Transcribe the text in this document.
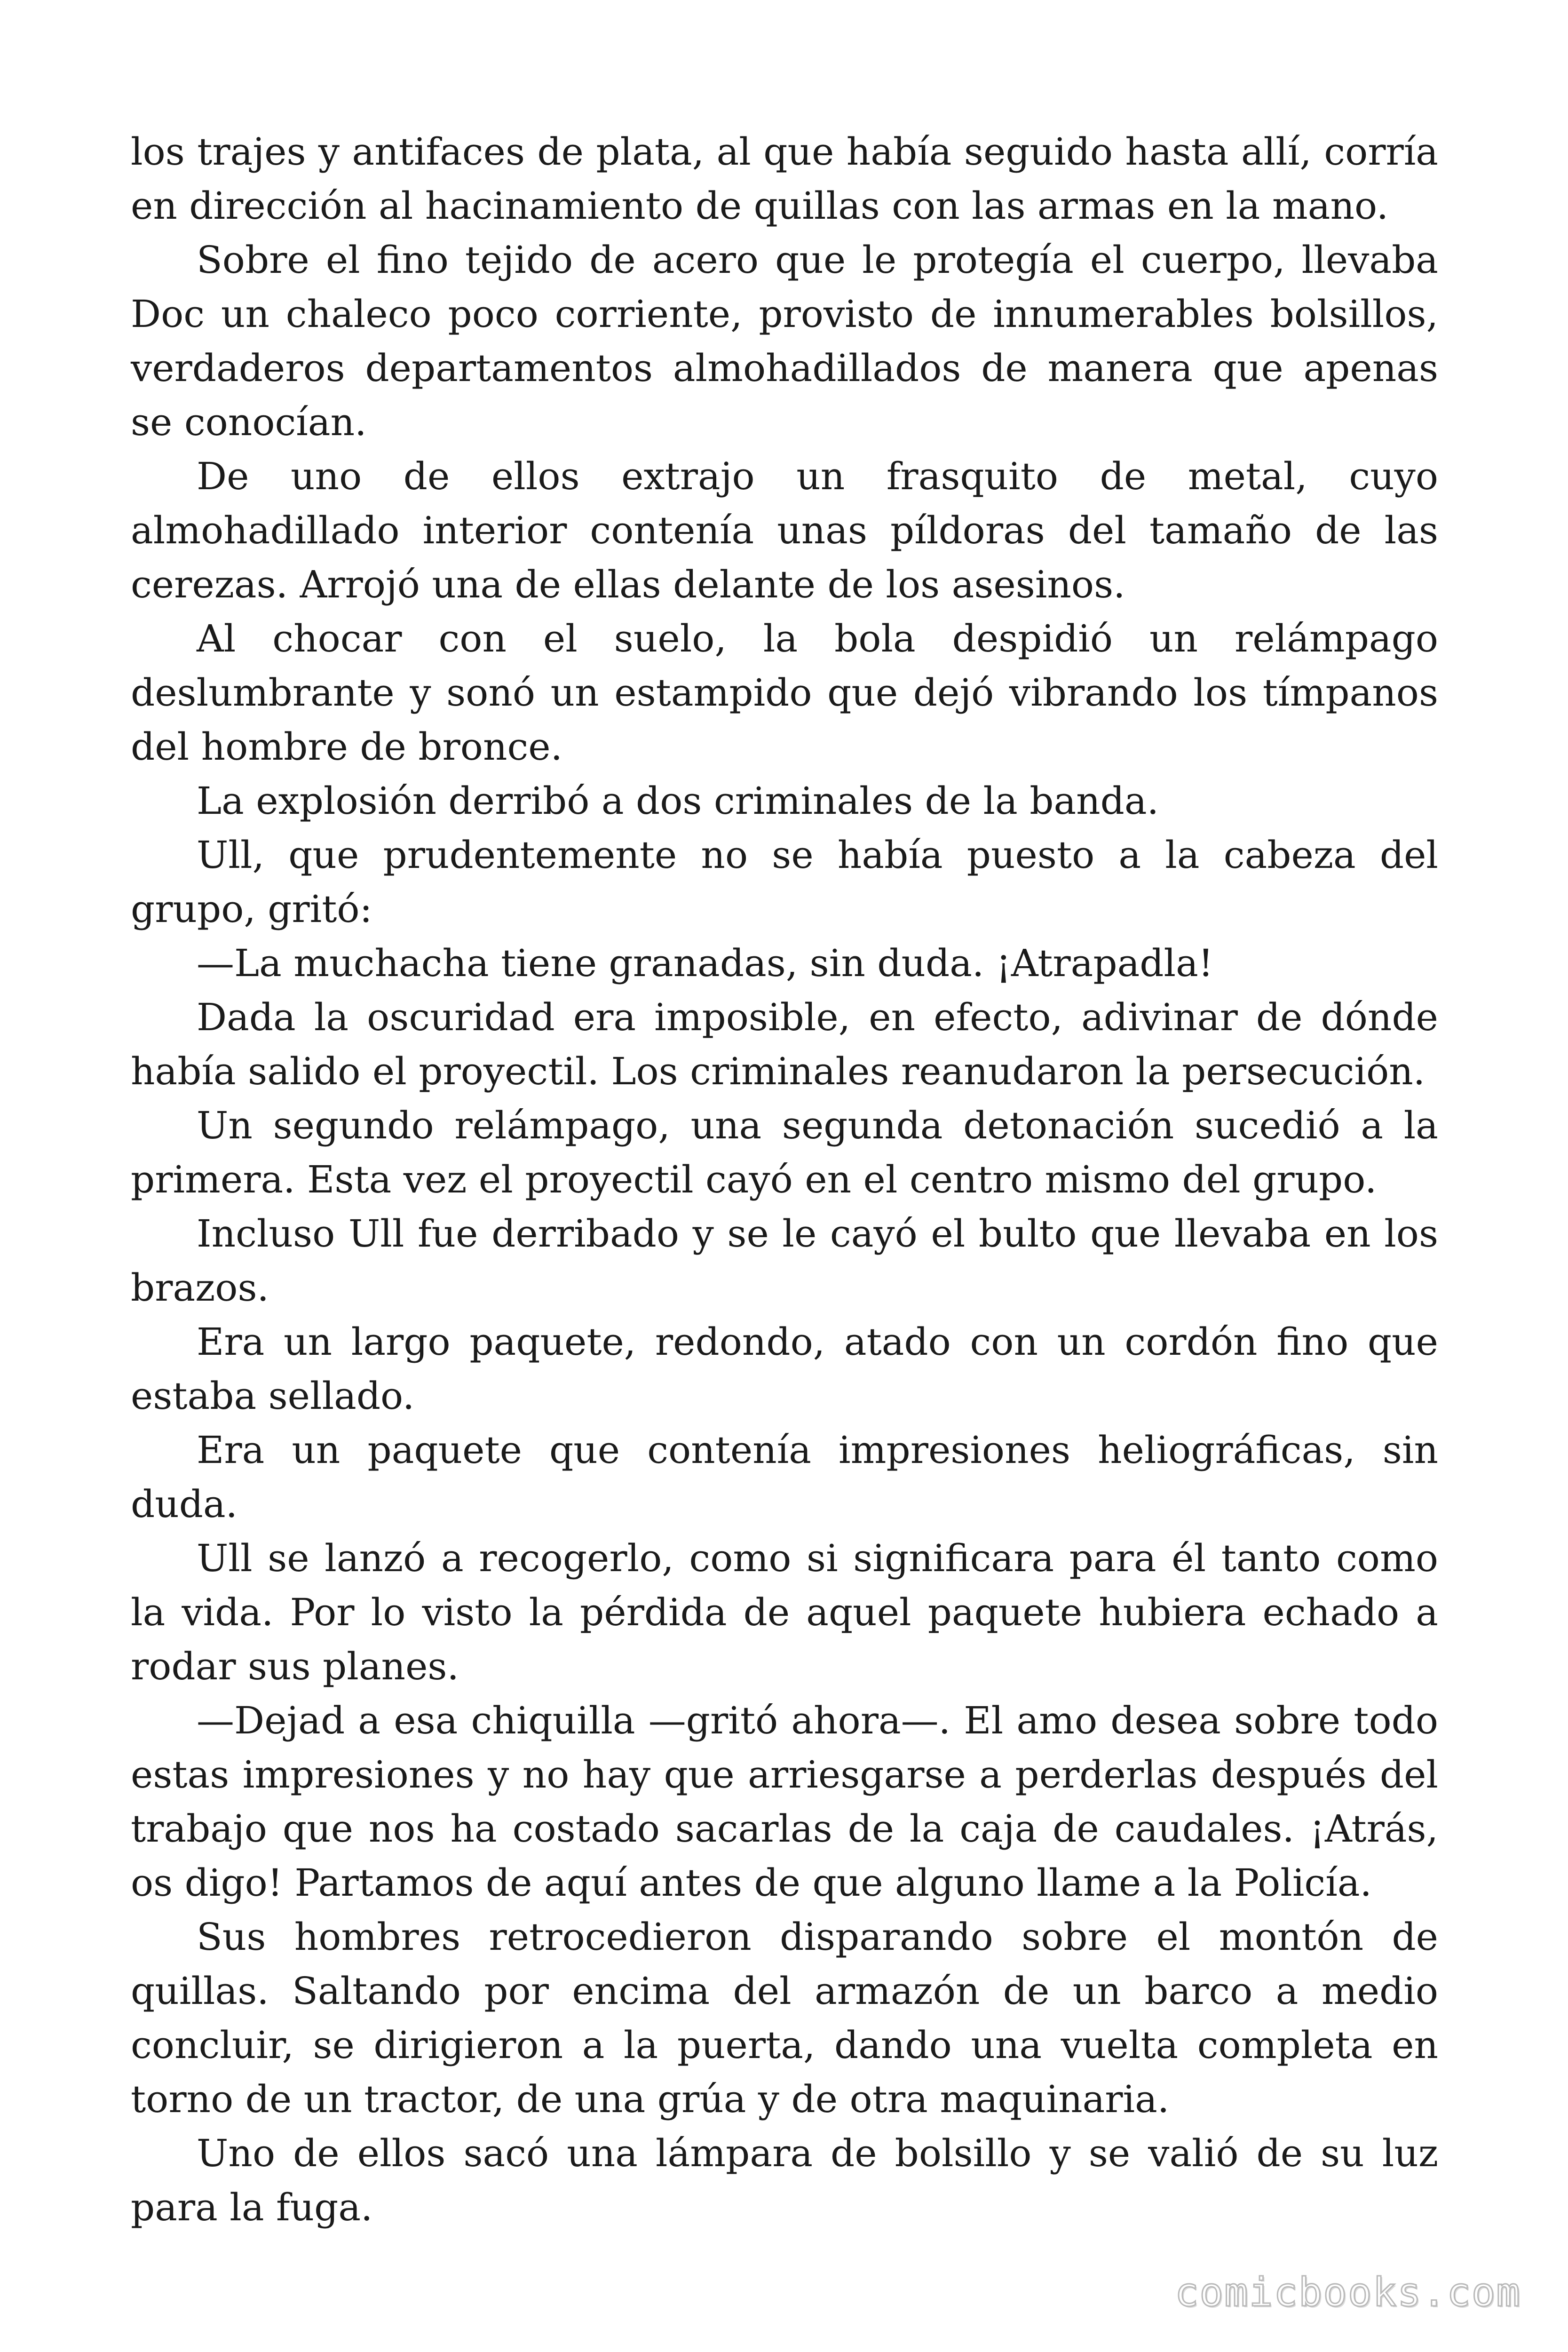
los trajes y antifaces de plata, al que había seguido hasta allí, corría en dirección al hacinamiento de quillas con las armas en la mano.

Sobre el fino tejido de acero que le protegía el cuerpo, llevaba Doc un chaleco poco corriente, provisto de innumerables bolsillos, verdaderos departamentos almohadillados de manera que apenas se conocían.

De uno de ellos extrajo un frasquito de metal, cuyo almohadillado interior contenía unas píldoras del tamaño de las cerezas. Arrojó una de ellas delante de los asesinos.

Al chocar con el suelo, la bola despidió un relámpago deslumbrante y sonó un estampido que dejó vibrando los tímpanos del hombre de bronce.

La explosión derribó a dos criminales de la banda.

Ull, que prudentemente no se había puesto a la cabeza del grupo, gritó:

—La muchacha tiene granadas, sin duda. ¡Atrapadla!

Dada la oscuridad era imposible, en efecto, adivinar de dónde había salido el proyectil. Los criminales reanudaron la persecución.

Un segundo relámpago, una segunda detonación sucedió a la primera. Esta vez el proyectil cayó en el centro mismo del grupo.

Incluso Ull fue derribado y se le cayó el bulto que llevaba en los brazos.

Era un largo paquete, redondo, atado con un cordón fino que estaba sellado.

Era un paquete que contenía impresiones heliográficas, sin duda.

Ull se lanzó a recogerlo, como si significara para él tanto como la vida. Por lo visto la pérdida de aquel paquete hubiera echado a rodar sus planes.

—Dejad a esa chiquilla —gritó ahora—. El amo desea sobre todo estas impresiones y no hay que arriesgarse a perderlas después del trabajo que nos ha costado sacarlas de la caja de caudales. ¡Atrás, os digo! Partamos de aquí antes de que alguno llame a la Policía.

Sus hombres retrocedieron disparando sobre el montón de quillas. Saltando por encima del armazón de un barco a medio concluir, se dirigieron a la puerta, dando una vuelta completa en torno de un tractor, de una grúa y de otra maquinaria.

Uno de ellos sacó una lámpara de bolsillo y se valió de su luz para la fuga.

comicbooks.com
